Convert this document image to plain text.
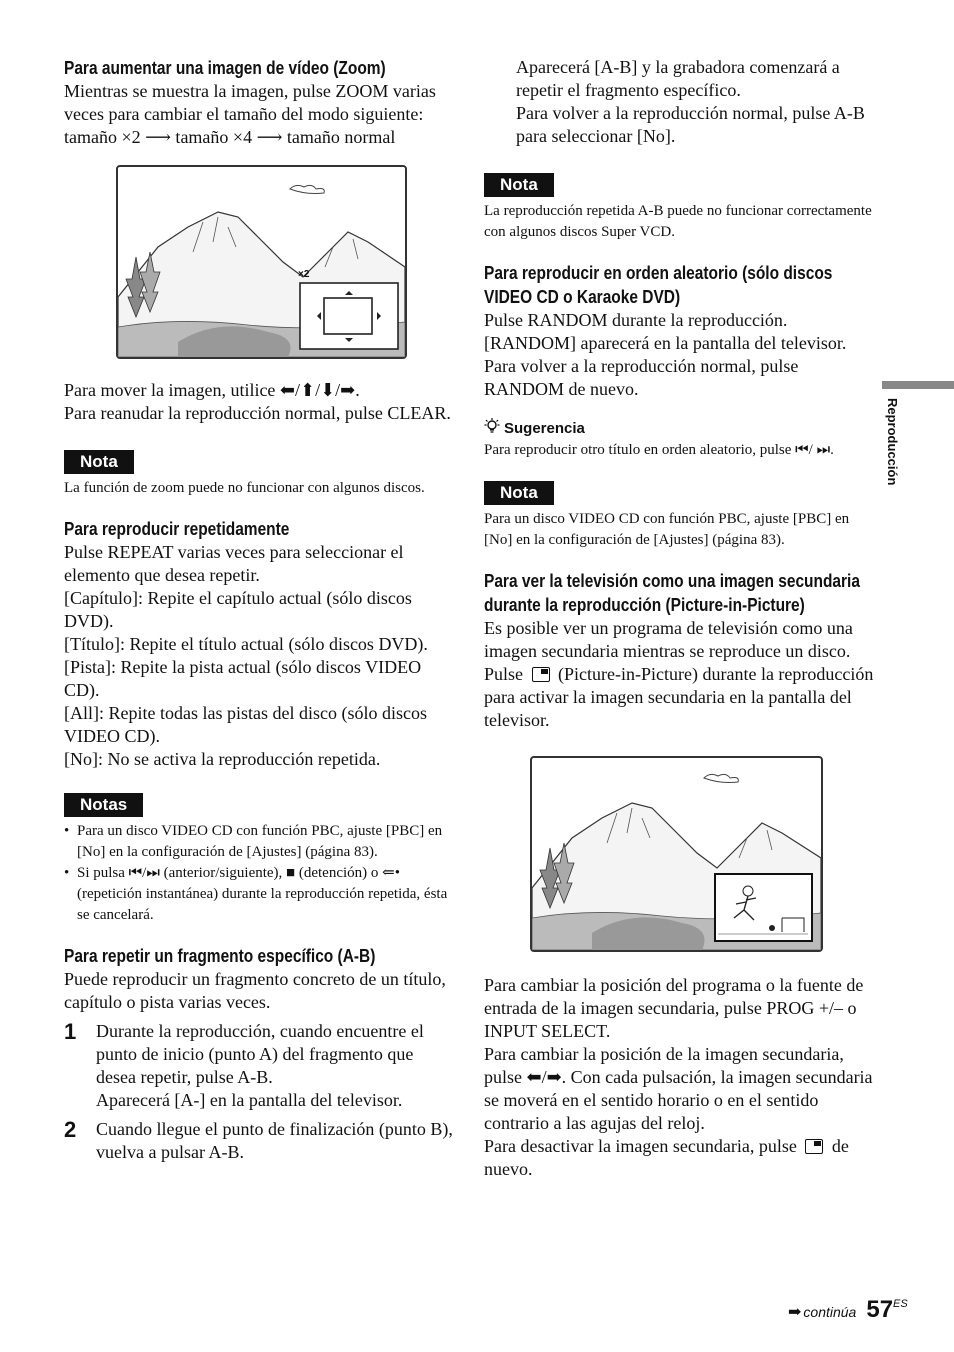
Para aumentar una imagen de vídeo (Zoom)

Mientras se muestra la imagen, pulse ZOOM varias veces para cambiar el tamaño del modo siguiente:

tamaño ×2 ⟶ tamaño ×4 ⟶ tamaño normal

×2

Para mover la imagen, utilice ⬅/⬆/⬇/➡.

Para reanudar la reproducción normal, pulse CLEAR.

Nota

La función de zoom puede no funcionar con algunos discos.

Para reproducir repetidamente

Pulse REPEAT varias veces para seleccionar el elemento que desea repetir.

[Capítulo]: Repite el capítulo actual (sólo discos DVD).

[Título]: Repite el título actual (sólo discos DVD).

[Pista]: Repite la pista actual (sólo discos VIDEO CD).

[All]: Repite todas las pistas del disco (sólo discos VIDEO CD).

[No]: No se activa la reproducción repetida.

Notas

• Para un disco VIDEO CD con función PBC, ajuste [PBC] en [No] en la configuración de [Ajustes] (página 83).
• Si pulsa ⏮/⏭ (anterior/siguiente), ■ (detención) o ⇐• (repetición instantánea) durante la reproducción repetida, ésta se cancelará.

Para repetir un fragmento específico (A-B)

Puede reproducir un fragmento concreto de un título, capítulo o pista varias veces.

1	Durante la reproducción, cuando encuentre el punto de inicio (punto A) del fragmento que desea repetir, pulse A-B.

Aparecerá [A-] en la pantalla del televisor.

2	Cuando llegue el punto de finalización (punto B), vuelva a pulsar A-B.

Aparecerá [A-B] y la grabadora comenzará a repetir el fragmento específico.

Para volver a la reproducción normal, pulse A-B para seleccionar [No].

Nota

La reproducción repetida A-B puede no funcionar correctamente con algunos discos Super VCD.

Para reproducir en orden aleatorio (sólo discos VIDEO CD o Karaoke DVD)

Pulse RANDOM durante la reproducción.

[RANDOM] aparecerá en la pantalla del televisor.

Para volver a la reproducción normal, pulse RANDOM de nuevo.

Sugerencia

Para reproducir otro título en orden aleatorio, pulse ⏮/ ⏭.

Nota

Para un disco VIDEO CD con función PBC, ajuste [PBC] en [No] en la configuración de [Ajustes] (página 83).

Para ver la televisión como una imagen secundaria durante la reproducción (Picture-in-Picture)

Es posible ver un programa de televisión como una imagen secundaria mientras se reproduce un disco.

Pulse (Picture-in-Picture) durante la reproducción para activar la imagen secundaria en la pantalla del televisor.

Para cambiar la posición del programa o la fuente de entrada de la imagen secundaria, pulse PROG +/– o INPUT SELECT.

Para cambiar la posición de la imagen secundaria, pulse ⬅/➡. Con cada pulsación, la imagen secundaria se moverá en el sentido horario o en el sentido contrario a las agujas del reloj.

Para desactivar la imagen secundaria, pulse de nuevo.

Reproducción
➡ continúa 57 ES
